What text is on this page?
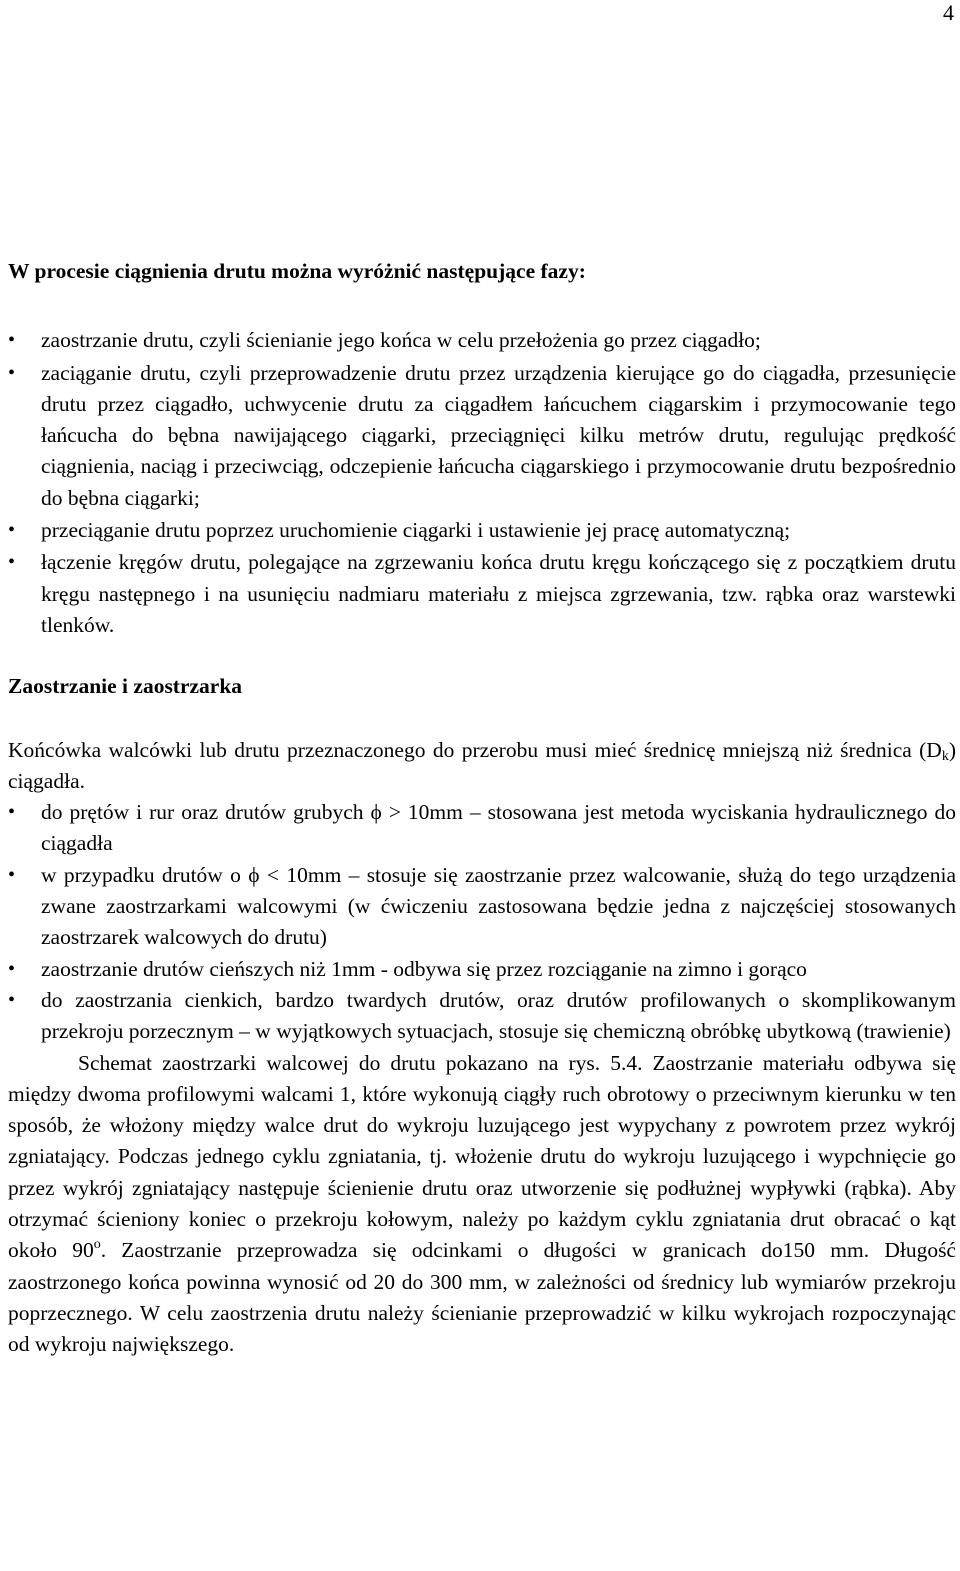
4
W procesie ciągnienia drutu można wyróżnić następujące fazy:
• zaostrzanie drutu, czyli ścienianie jego końca w celu przełożenia go przez ciągadło;
• zaciąganie drutu, czyli przeprowadzenie drutu przez urządzenia kierujące go do ciągadła, przesunięcie drutu przez ciągadło, uchwycenie drutu za ciągadłem łańcuchem ciągarskim i przymocowanie tego łańcucha do bębna nawijającego ciągarki, przeciągnięci kilku metrów drutu, regulując prędkość ciągnienia, naciąg i przeciwciąg, odczepienie łańcucha ciągarskiego i przymocowanie drutu bezpośrednio do bębna ciągarki;
• przeciąganie drutu poprzez uruchomienie ciągarki i ustawienie jej pracę automatyczną;
• łączenie kręgów drutu, polegające na zgrzewaniu końca drutu kręgu kończącego się z początkiem drutu kręgu następnego i na usunięciu nadmiaru materiału z miejsca zgrzewania, tzw. rąbka oraz warstewki tlenków.
Zaostrzanie i zaostrzarka

Końcówka walcówki lub drutu przeznaczonego do przerobu musi mieć średnicę mniejszą niż średnica $(D_k)$ ciągadła.

• do prętów i rur oraz drutów grubych ϕ > 10mm – stosowana jest metoda wyciskania hydraulicznego do ciągadła
• w przypadku drutów o ϕ < 10mm – stosuje się zaostrzanie przez walcowanie, służą do tego urządzenia zwane zaostrzarkami walcowymi (w ćwiczeniu zastosowana będzie jedna z najczęściej stosowanych zaostrzarek walcowych do drutu)
• zaostrzanie drutów cieńszych niż 1mm - odbywa się przez rozciąganie na zimno i gorąco
• do zaostrzania cienkich, bardzo twardych drutów, oraz drutów profilowanych o skomplikowanym przekroju porzecznym – w wyjątkowych sytuacjach, stosuje się chemiczną obróbkę ubytkową (trawienie)

Schemat zaostrzarki walcowej do drutu pokazano na rys. 5.4. Zaostrzanie materiału odbywa się między dwoma profilowymi walcami 1, które wykonują ciągły ruch obrotowy o przeciwnym kierunku w ten sposób, że włożony między walce drut do wykroju luzującego jest wypychany z powrotem przez wykrój zgniatający. Podczas jednego cyklu zgniatania, tj. włożenie drutu do wykroju luzującego i wypchnięcie go przez wykrój zgniatający następuje ścienienie drutu oraz utworzenie się podłużnej wypływki (rąbka). Aby otrzymać ścieniony koniec o przekroju kołowym, należy po każdym cyklu zgniatania drut obracać o kąt około 90$^o$. Zaostrzanie przeprowadza się odcinkami o długości w granicach do150 mm. Długość zaostrzonego końca powinna wynosić od 20 do 300 mm, w zależności od średnicy lub wymiarów przekroju poprzecznego. W celu zaostrzenia drutu należy ścienianie przeprowadzić w kilku wykrojach rozpoczynając od wykroju największego.
